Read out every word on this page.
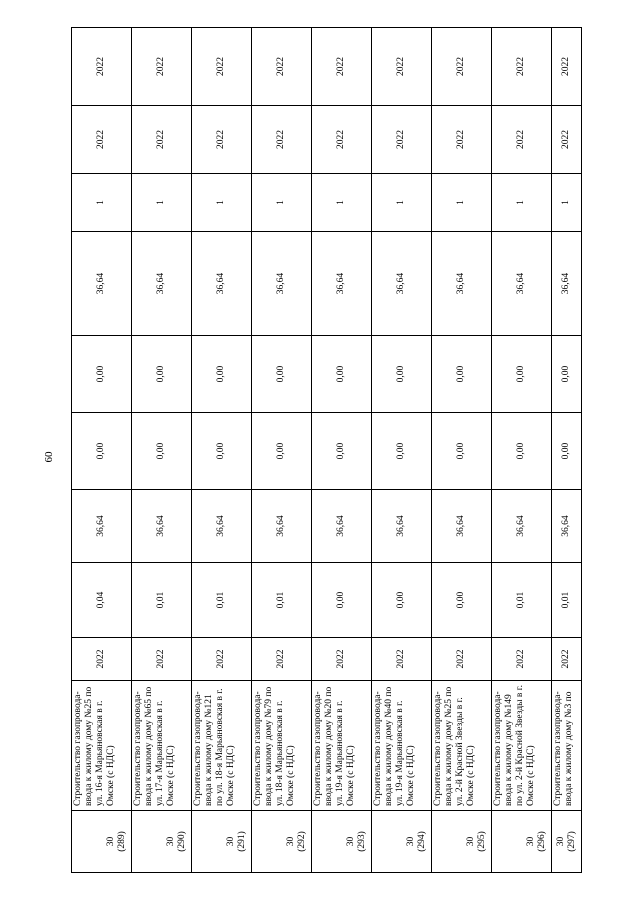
60
30 (289)	Строительство газопровода-ввода к жилому дому №25 по ул. 16-я Марьяновская в г. Омске (с НДС)	2022	0,04	36,64	0,00	0,00	36,64	1	2022	2022

30 (290)	Строительство газопровода-ввода к жилому дому №65 по ул. 17-я Марьяновская в г. Омске (с НДС)	2022	0,01	36,64	0,00	0,00	36,64	1	2022	2022

30 (291)	Строительство газопровода-ввода к жилому дому №121 по ул. 18-я Марьяновская в г. Омске (с НДС)	2022	0,01	36,64	0,00	0,00	36,64	1	2022	2022

30 (292)	Строительство газопровода-ввода к жилому дому №79 по ул. 18-я Марьяновская в г. Омске (с НДС)	2022	0,01	36,64	0,00	0,00	36,64	1	2022	2022

30 (293)	Строительство газопровода-ввода к жилому дому №20 по ул. 19-я Марьяновская в г. Омске (с НДС)	2022	0,00	36,64	0,00	0,00	36,64	1	2022	2022

30 (294)	Строительство газопровода-ввода к жилому дому №40 по ул. 19-я Марьяновская в г. Омске (с НДС)	2022	0,00	36,64	0,00	0,00	36,64	1	2022	2022

30 (295)	Строительство газопровода-ввода к жилому дому №25 по ул. 2-й Красной Звезды в г. Омске (с НДС)	2022	0,00	36,64	0,00	0,00	36,64	1	2022	2022

30 (296)	Строительство газопровода-ввода к жилому дому №149 по ул. 2-й Красной Звезды в г. Омске (с НДС)	2022	0,01	36,64	0,00	0,00	36,64	1	2022	2022

30 (297)	Строительство газопровода-ввода к жилому дому №3 по	2022	0,01	36,64	0,00	0,00	36,64	1	2022	2022
